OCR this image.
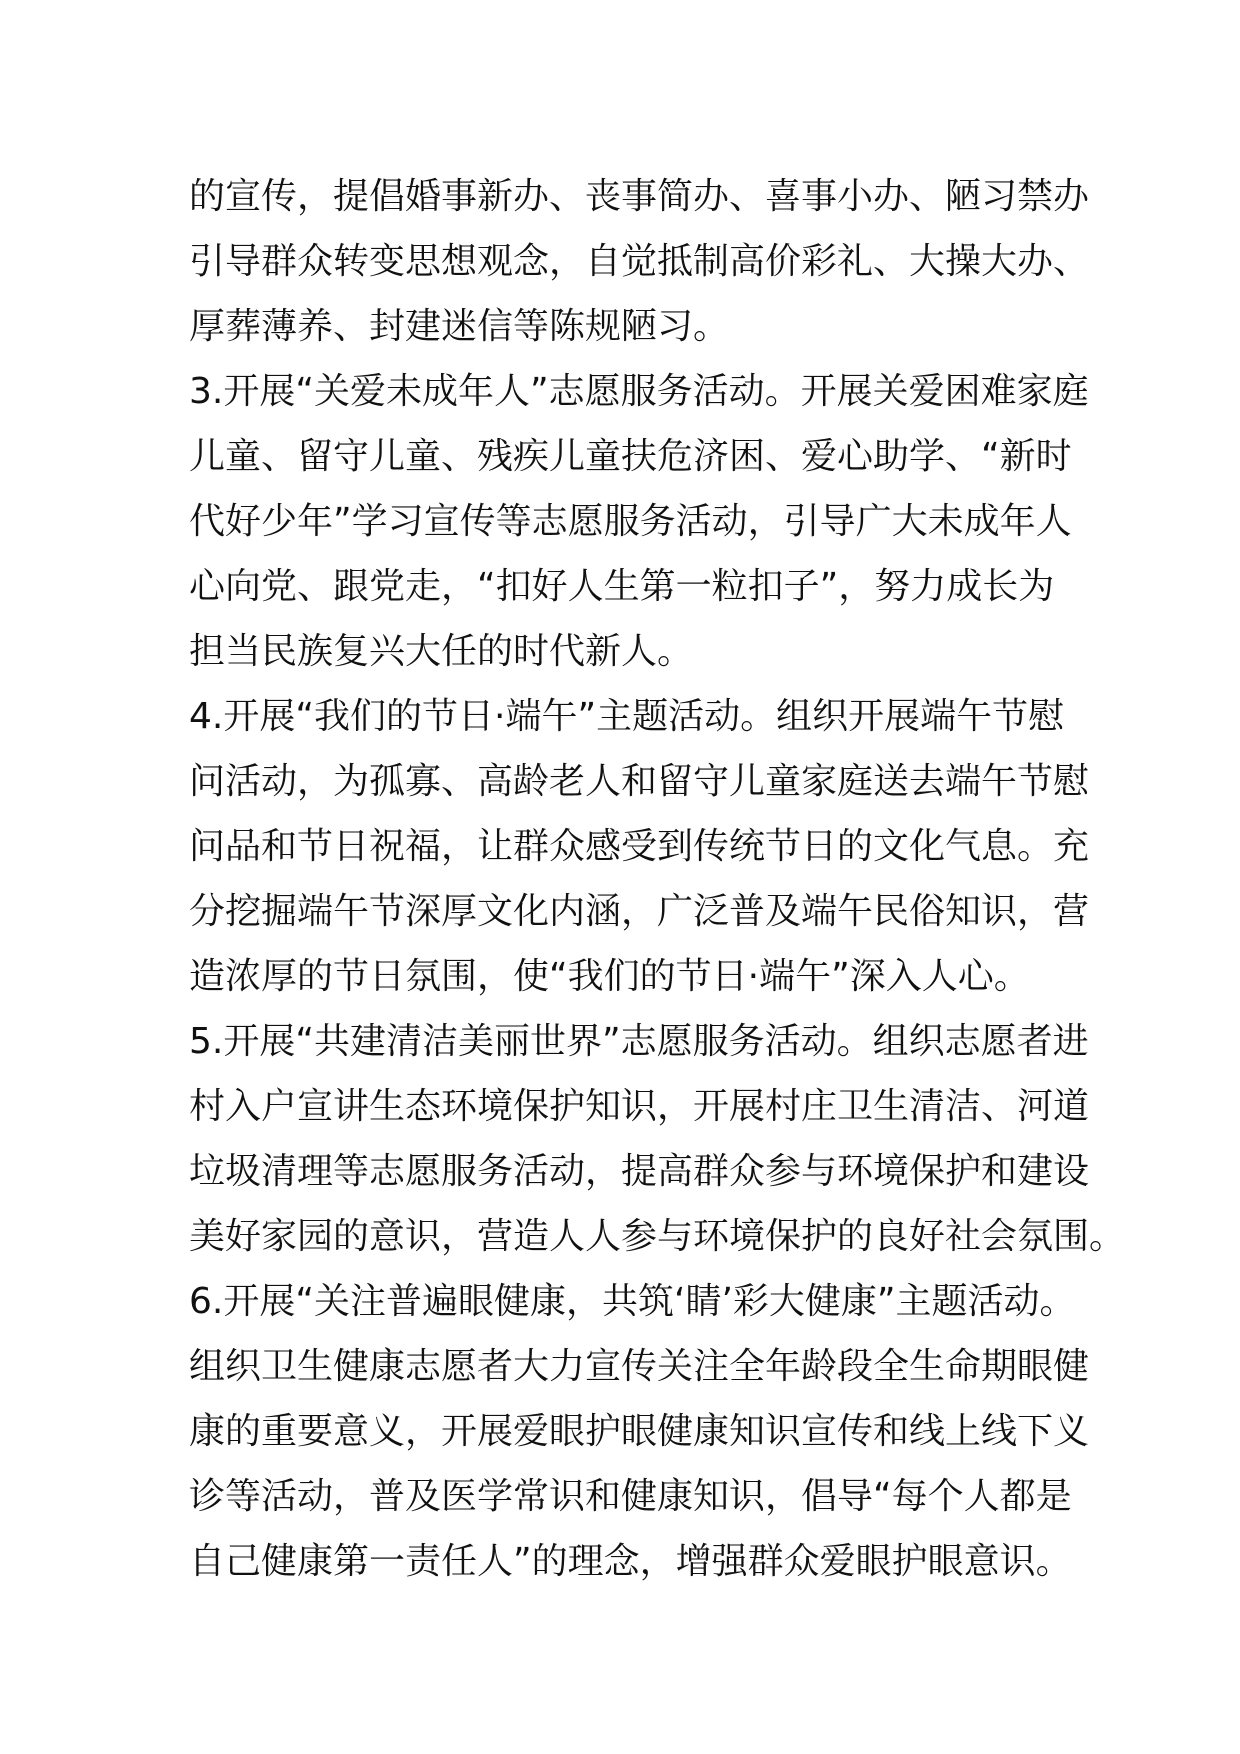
的宣传，提倡婚事新办、丧事简办、喜事小办、陋习禁办
引导群众转变思想观念，自觉抵制高价彩礼、大操大办、
厚葬薄养、封建迷信等陈规陋习。
3.开展“关爱未成年人”志愿服务活动。开展关爱困难家庭
儿童、留守儿童、残疾儿童扶危济困、爱心助学、“新时
代好少年”学习宣传等志愿服务活动，引导广大未成年人
心向党、跟党走，“扣好人生第一粒扣子”，努力成长为
担当民族复兴大任的时代新人。
4.开展“我们的节日·端午”主题活动。组织开展端午节慰
问活动，为孤寡、高龄老人和留守儿童家庭送去端午节慰
问品和节日祝福，让群众感受到传统节日的文化气息。充
分挖掘端午节深厚文化内涵，广泛普及端午民俗知识，营
造浓厚的节日氛围，使“我们的节日·端午”深入人心。
5.开展“共建清洁美丽世界”志愿服务活动。组织志愿者进
村入户宣讲生态环境保护知识，开展村庄卫生清洁、河道
垃圾清理等志愿服务活动，提高群众参与环境保护和建设
美好家园的意识，营造人人参与环境保护的良好社会氛围。
6.开展“关注普遍眼健康，共筑‘睛’彩大健康”主题活动。
组织卫生健康志愿者大力宣传关注全年龄段全生命期眼健
康的重要意义，开展爱眼护眼健康知识宣传和线上线下义
诊等活动，普及医学常识和健康知识，倡导“每个人都是
自己健康第一责任人”的理念，增强群众爱眼护眼意识。
